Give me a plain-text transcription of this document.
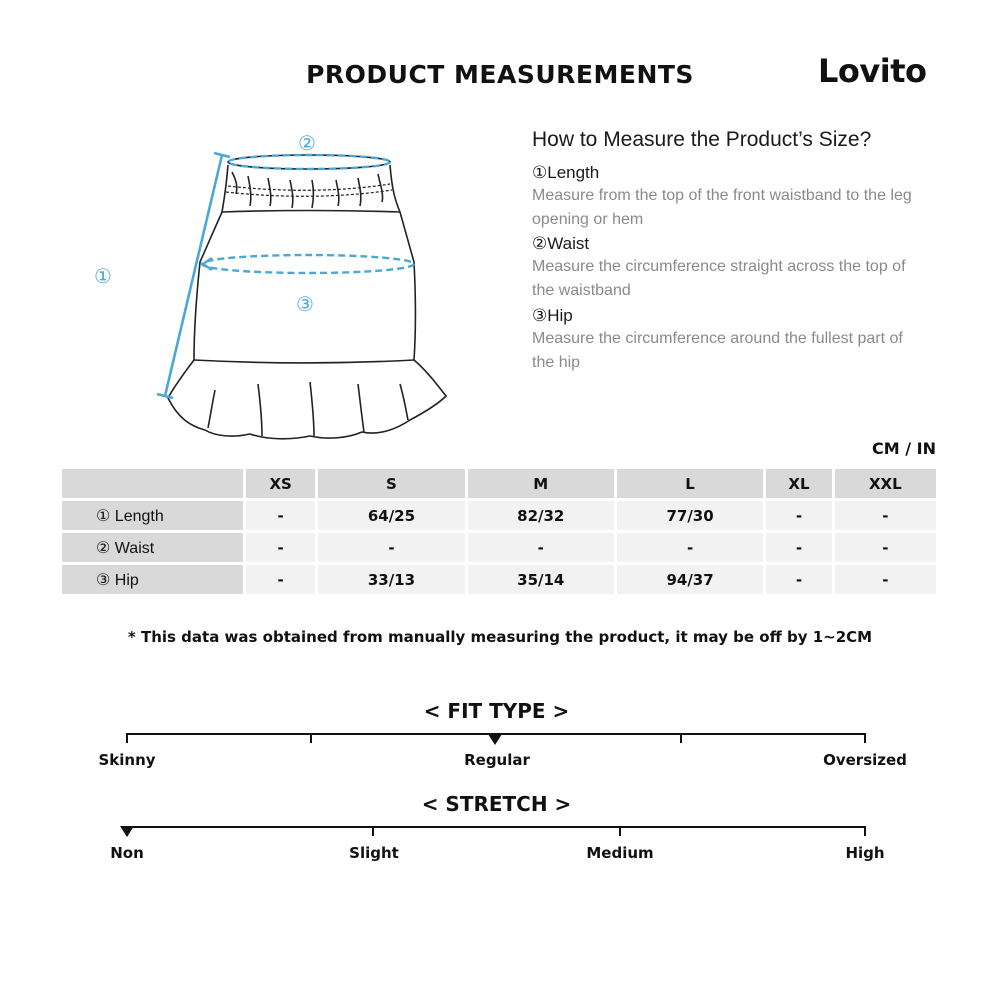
PRODUCT MEASUREMENTS	Lovito
①
②
③
How to Measure the Product’s Size?
①Length
Measure from the top of the front waistband to the leg opening or hem
②Waist
Measure the circumference straight across the top of the waistband
③Hip
Measure the circumference around the fullest part of the hip
CM / IN
	XS	S	M	L	XL	XXL
① Length	-	64/25	82/32	77/30	-	-
② Waist	-	-	-	-	-	-
③ Hip	-	33/13	35/14	94/37	-	-
* This data was obtained from manually measuring the product, it may be off by 1~2CM
< FIT TYPE >
Skinny	Regular	Oversized
< STRETCH >
Non	Slight	Medium	High
